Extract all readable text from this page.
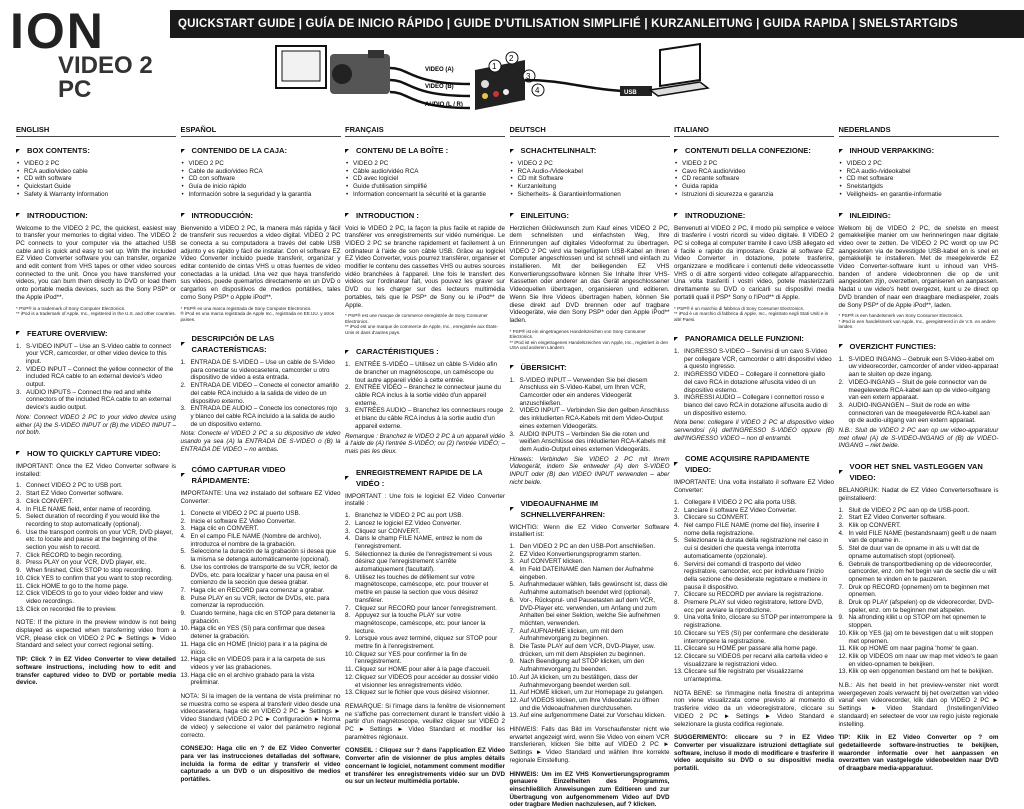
ION
VIDEO 2 PC
QUICKSTART GUIDE | GUÍA DE INICIO RÁPIDO | GUIDE D'UTILISATION SIMPLIFIÉ | KURZANLEITUNG | GUIDA RAPIDA | SNELSTARTGIDS
VIDEO (A)
VIDEO (B)
AUDIO (L / R)
1
2
3
4	USB
ENGLISH
BOX CONTENTS:
• VIDEO 2 PC
• RCA audio/video cable
• CD with software
• Quickstart Guide
• Safety & Warranty Information
INTRODUCTION:
Welcome to the VIDEO 2 PC, the quickest, easiest way to transfer your memories to digital video. The VIDEO 2 PC connects to your computer via the attached USB cable and is quick and easy to set up. With the included EZ Video Converter software you can transfer, organize and edit content from VHS tapes or other video sources connected to the unit. Once you have transferred your videos, you can burn them directly to DVD or load them onto portable media devices, such as the Sony PSP* or the Apple iPod**.
* PSP® is a trademark of Sony Computer Electronics.
** iPod is a trademark of Apple, Inc., registered in the U.S. and other countries.
FEATURE OVERVIEW:
1. S-VIDEO INPUT – Use an S-Video cable to connect your VCR, camcorder, or other video device to this input.
2. VIDEO INPUT – Connect the yellow connector of the included RCA cable to an external device's video output.
3. AUDIO INPUTS – Connect the red and white connectors of the included RCA cable to an external device's audio output.
Note: Connect VIDEO 2 PC to your video device using either (A) the S-VIDEO INPUT or (B) the VIDEO INPUT – not both.
HOW TO QUICKLY CAPTURE VIDEO:
IMPORTANT: Once the EZ Video Converter software is installed:
1. Connect VIDEO 2 PC to USB port.
2. Start EZ Video Converter software.
3. Click CONVERT.
4. In FILE NAME field, enter name of recording.
5. Select duration of recording if you would like the recording to stop automatically (optional).
6. Use the transport controls on your VCR, DVD player, etc. to locate and pause at the beginning of the section you wish to record.
7. Click RECORD to begin recording.
8. Press PLAY on your VCR, DVD player, etc.
9. When finished, Click STOP to stop recording.
10. Click YES to confirm that you want to stop recording.
11. Click HOME to go to the home page.
12. Click VIDEOS to go to your video folder and view video recordings.
13. Click on recorded file to preview.
NOTE: If the picture in the preview window is not being displayed as expected when transferring video from a VCR, please click on VIDEO 2 PC ► Settings ► Video Standard and select your correct regional setting.
TIP: Click ? in EZ Video Converter to view detailed software instructions, including how to edit and transfer captured video to DVD or portable media device.
ESPAÑOL
CONTENIDO DE LA CAJA:
• VIDEO 2 PC
• Cable de audio/video RCA
• CD con software
• Guía de inicio rápido
• Información sobre la seguridad y la garantía
INTRODUCCIÓN:
Bienvenido a VIDEO 2 PC, la manera más rápida y fácil de transferir sus recuerdos a video digital. VIDEO 2 PC se conecta a su computadora a través del cable USB adjunto y es rápido y fácil de instalar. Con el software EZ Video Converter incluido puede transferir, organizar y editar contenido de cintas VHS u otras fuentes de video conectadas a la unidad. Una vez que haya transferido sus videos, puede quemarlos directamente en un DVD o cargarlos en dispositivos de medios portátiles, tales como Sony PSP* o Apple iPod**.
* PSP® es una marca registrada de Sony Computer Electronics.
® iPod es una marca registrada de Apple Inc., registrada en EE.UU. y otros países.
DESCRIPCIÓN DE LAS CARACTERÍSTICAS:
1. ENTRADA DE S-VIDEO – Use un cable de S-Video para conectar su videocasetera, camcorder u otro dispositivo de video a esta entrada.
2. ENTRADA DE VIDEO – Conecte el conector amarillo del cable RCA incluido a la salida de video de un dispositivo externo.
3. ENTRADA DE AUDIO – Conecte los conectores rojo y blanco del cable RCA incluido a la salida de audio de un dispositivo externo.
Nota: Conecte el VIDEO 2 PC a su dispositivo de video usando ya sea (A) la ENTRADA DE S-VIDEO o (B) la ENTRADA DE VIDEO – no ambas.
CÓMO CAPTURAR VIDEO RÁPIDAMENTE:
IMPORTANTE: Una vez instalado del software EZ Video Converter:
1. Conecte el VIDEO 2 PC al puerto USB.
2. Inicie el software EZ Video Converter.
3. Haga clic en CONVERT.
4. En el campo FILE NAME (Nombre de archivo), introduzca el nombre de la grabación.
5. Seleccione la duración de la grabación si desea que la misma se detenga automáticamente (opcional).
6. Use los controles de transporte de su VCR, lector de DVDs, etc. para localizar y hacer una pausa en el comienzo de la sección que desea grabar.
7. Haga clic en RECORD para comenzar a grabar.
8. Pulse PLAY en su VCR, lector de DVDs, etc. para comenzar la reproducción.
9. Cuando termine, haga clic en STOP para detener la grabación.
10. Haga clic en YES (Sí) para confirmar que desea detener la grabación.
11. Haga clic en HOME (Inicio) para ir a la página de inicio.
12. Haga clic en VIDEOS para ir a la carpeta de sus videos y ver las grabaciones.
13. Haga clic en el archivo grabado para la vista preliminar.
NOTA: Si la imagen de la ventana de vista preliminar no se muestra como se espera al transferir video desde una videocasetera, haga clic en VIDEO 2 PC ► Settings ► Video Standard (VIDEO 2 PC ► Configuración ► Norma de video) y seleccione el valor del parámetro regional correcto.
CONSEJO: Haga clic en ? de EZ Video Converter para ver las instrucciones detalladas del software, incluida la forma de editar y transferir el video capturado a un DVD o un dispositivo de medios portátiles.
FRANÇAIS
CONTENU DE LA BOÎTE :
• VIDEO 2 PC
• Câble audio/vidéo RCA
• CD avec logiciel
• Guide d'utilisation simplifié
• Information concernant la sécurité et la garantie
INTRODUCTION :
Voici le VIDEO 2 PC, la façon la plus facile et rapide de transférer vos enregistrements sur vidéo numérique. Le VIDEO 2 PC se branche rapidement et facilement à un ordinateur à l'aide de son câble USB. Grâce au logiciel EZ Video Converter, vous pourrez transférer, organiser et modifier le contenu des cassettes VHS ou autres sources vidéo branchées à l'appareil. Une fois le transfert des vidéos sur l'ordinateur fait, vous pouvez les graver sur DVD ou les charger sur des lecteurs multimédia portables, tels que le PSP* de Sony ou le iPod** de Apple.
* PSP® est une marque de commerce enregistrée de Sony Consumer Electronics.
** iPod est une marque de commerce de Apple, Inc., enregistrée aux États-Unis et dans d'autres pays.
CARACTÉRISTIQUES :
1. ENTRÉE S-VIDÉO – Utilisez un câble S-Vidéo afin de brancher un magnétoscope, un caméscope ou tout autre appareil vidéo à cette entrée.
2. ENTRÉE VIDÉO – Branchez le connecteur jaune du câble RCA inclus à la sortie vidéo d'un appareil externe.
3. ENTRÉES AUDIO – Branchez les connecteurs rouge et blanc du câble RCA inclus à la sortie audio d'un appareil externe.
Remarque : Branchez le VIDEO 2 PC à un appareil vidéo à l'aide de (A) l'entrée S-VIDÉO; ou (2) l'entrée VIDÉO; – mais pas les deux.
ENREGISTREMENT RAPIDE DE LA VIDÉO :
IMPORTANT : Une fois le logiciel EZ Video Converter installé :
1. Branchez le VIDEO 2 PC au port USB.
2. Lancez le logiciel EZ Video Converter.
3. Cliquez sur CONVERT.
4. Dans le champ FILE NAME, entrez le nom de l'enregistrement.
5. Sélectionnez la durée de l'enregistrement si vous désirez que l'enregistrement s'arrête automatiquement (facultatif).
6. Utilisez les touches de défilement sur votre magnétoscope, caméscope, etc. pour trouver et mettre en pause la section que vous désirez transférer.
7. Cliquez sur RECORD pour lancer l'enregistrement.
8. Appuyez sur la touche PLAY sur votre magnétoscope, caméscope, etc. pour lancer la lecture.
9. Lorsque vous avez terminé, cliquez sur STOP pour mettre fin à l'enregistrement.
10. Cliquez sur YES pour confirmer la fin de l'enregistrement.
11. Cliquez sur HOME pour aller à la page d'accueil.
12. Cliquez sur VIDEOS pour accéder au dossier vidéo et visionner les enregistrements vidéo.
13. Cliquez sur le fichier que vous désirez visionner.
REMARQUE: Si l'image dans la fenêtre de visionnement ne s'affiche pas correctement durant le transfert vidéo à partir d'un magnétoscope, veuillez cliquer sur VIDEO 2 PC ► Settings ► Video Standard et modifier les paramètres régionaux.
CONSEIL : Cliquez sur ? dans l'application EZ Video Converter afin de visionner de plus amples détails concernant le logiciel, notamment comment modifier et transférer les enregistrements vidéo sur un DVD ou sur un lecteur multimédia portable.
DEUTSCH
SCHACHTELINHALT:
• VIDEO 2 PC
• RCA Audio-/Videokabel
• CD mit Software
• Kurzanleitung
• Sicherheits- & Garantieinformationen
EINLEITUNG:
Herzlichen Glückwunsch zum Kauf eines VIDEO 2 PC, dem schnellsten und einfachsten Weg, Ihre Erinnerungen auf digitales Videoformat zu übertragen. VIDEO 2 PC wird via beigefügtem USB-Kabel an Ihren Computer angeschlossen und ist schnell und einfach zu installieren. Mit der beiliegenden EZ VHS Konvertierungssoftware können Sie Inhalte Ihrer VHS-Kassetten oder anderer an das Gerät angeschlossener Videoquellen übertragen, organisieren und editieren. Wenn Sie Ihre Videos übertragen haben, können Sie diese direkt auf DVD brennen oder auf tragbare Videogeräte, wie den Sony PSP* oder den Apple iPod** laden.
* PSP® ist ein eingetragenes Handelszeichen von Sony Consumer Electronics.
** iPod ist ein eingetragenes Handelszeichen von Apple, Inc., registriert in den USA und anderen Ländern.
ÜBERSICHT:
1. S-VIDEO INPUT – Verwenden Sie bei diesem Anschluss ein S-Video-Kabel, um Ihren VCR, Camcorder oder ein anderes Videogerät anzuschließen.
2. VIDEO INPUT – Verbinden Sie den gelben Anschluss des inkludierten RCA-Kabels mit dem Video-Output eines externen Videogeräts.
3. AUDIO INPUTS – Verbinden Sie die roten und weißen Anschlüsse des inkludierten RCA-Kabels mit dem Audio-Output eines externen Videogeräts.
Hinweis: Verbinden Sie VIDEO 2 PC mit Ihrem Videogerät, indem Sie entweder (A) den S-VIDEO INPUT oder (B) den VIDEO INPUT verwenden – aber nicht beide.
VIDEOAUFNAHME IM SCHNELLVERFAHREN:
WICHTIG: Wenn die EZ Video Converter Software installiert ist:
1. Den VIDEO 2 PC an den USB-Port anschließen.
2. EZ Video Konvertierungsprogramm starten.
3. Auf CONVERT klicken.
4. Im Feld DATEINAME den Namen der Aufnahme eingeben.
5. Aufnahmedauer wählen, falls gewünscht ist, dass die Aufnahme automatisch beendet wird (optional).
6. Vor-, Rücksprul- und Pausetasten auf dem VCR, DVD-Player etc. verwenden, um Anfang und zum Anhalten bei einer Sektion, welche Sie aufnehmen möchten, verwenden.
7. Auf AUFNAHME klicken, um mit dem Aufnahmevorgang zu beginnen.
8. Die Taste PLAY auf dem VCR, DVD-Player, usw. drücken, um mit dem Abspielen zu beginnen.
9. Nach Beendigung auf STOP klicken, um den Aufnahmevorgang zu beenden.
10. Auf JA klicken, um zu bestätigen, dass der Aufnahmevorgang beendet werden soll.
11. Auf HOME klicken, um zur Homepage zu gelangen.
12. Auf VIDEOS klicken, um Ihre Videodatei zu öffnen und die Videoaufnahmen durchzusehen.
13. Auf eine aufgenommene Datei zur Vorschau klicken.
HINWEIS: Falls das Bild im Vorschaufenster nicht wie erwartet angezeigt wird, wenn Sie Video von einem VCR transferieren, klicken Sie bitte auf VIDEO 2 PC ► Settings ► Video Standard und wählen Ihre korrekte regionale Einstellung.
HINWEIS: Um im EZ VHS Konvertierungsprogramm genauere Einzelheiten des Programms, einschließlich Anweisungen zum Editieren und zur Übertragung von aufgenommenem Video auf DVD oder tragbare Medien nachzulesen, auf ? klicken.
ITALIANO
CONTENUTI DELLA CONFEZIONE:
• VIDEO 2 PC
• Cavo RCA audio/video
• CD recante software
• Guida rapida
• Istruzioni di sicurezza e garanzia
INTRODUZIONE:
Benvenuti al VIDEO 2 PC, il modo più semplice e veloce di trasferire i vostri ricordi su video digitale. Il VIDEO 2 PC si collega al computer tramite il cavo USB allegato ed è facile e rapido da impostare. Grazie al software EZ Video Converter in dotazione, potete trasferire, organizzare e modificare i contenuti delle videocassette VHS o di altre sorgenti video collegate all'apparecchio. Una volta trasferiti i vostri video, potete masterizzarli direttamente su DVD o caricarli su dispositivi media portatili quali il PSP* Sony o l'iPod** di Apple.
* PSP® è un marchio di fabbrica di Sony Consumer Electronics.
** iPod è un marchio di fabbrica di Apple, Inc., registrato negli Stati Uniti e in altri Paesi.
PANORAMICA DELLE FUNZIONI:
1. INGRESSO S-VIDEO – Servirsi di un cavo S-Video per collegare VCR, camcorder o altri dispositivi video a questo ingresso.
2. INGRESSO VIDEO – Collegare il connettore giallo del cavo RCA in dotazione all'uscita video di un dispositivo esterno.
3. INGRESSI AUDIO – Collegare i connettori rosso e bianco del cavo RCA in dotazione all'uscita audio di un dispositivo esterno.
Nota bene: collegare il VIDEO 2 PC al dispositivo video servendosi (A) dell'INGRESSO S-VIDEO oppure (B) dell'INGRESSO VIDEO – non di entrambi.
COME ACQUISIRE RAPIDAMENTE VIDEO:
IMPORTANTE: Una volta installato il software EZ Video Converter:
1. Collegare il VIDEO 2 PC alla porta USB.
2. Lanciare il software EZ Video Converter.
3. Cliccare su CONVERT.
4. Nel campo FILE NAME (nome del file), inserire il nome della registrazione.
5. Selezionare la durata della registrazione nel caso in cui si desideri che questa venga interrotta automaticamente (opzionale).
6. Servirsi dei comandi di trasporto del video registratore, camcorder, ecc per individuare l'inizio della sezione che desiderate registrare e mettere in pausa il dispositivo.
7. Cliccare su RECORD per avviare la registrazione.
8. Premere PLAY sul video registratore, lettore DVD, ecc per avviare la riproduzione.
9. Una volta finito, cliccare su STOP per interrompere la registrazione.
10. Cliccare su YES (Sì) per confermare che desiderate interrompere la registrazione.
11. Cliccare su HOME per passare alla home page.
12. Cliccare su VIDEOS per recarvi alla cartella video e visualizzare le registrazioni video.
13. Cliccare sul file registrato per visualizzarne un'anteprima.
NOTA BENE: se l'immagine nella finestra di anteprima non viene visualizzata come previsto al momento di trasferire video da un videoregistratore, cliccare su VIDEO 2 PC ► Settings ► Video Standard e selezionare la giusta codifica regionale.
SUGGERIMENTO: cliccare su ? in EZ Video Converter per visualizzare istruzioni dettagliate sul software, incluso il modo di modificare e trasferire il video acquisito su DVD o su dispositivi media portatili.
NEDERLANDS
INHOUD VERPAKKING:
• VIDEO 2 PC
• RCA audio-/videokabel
• CD met software
• Snelstartgids
• Veiligheids- en garantie-informatie
INLEIDING:
Welkom bij de VIDEO 2 PC, de snelste en meest gemakkelijke manier om uw herinneringen naar digitale video over te zetten. De VIDEO 2 PC wordt op uw PC aangesloten via de bevestigde USB-kabel en is snel en gemakkelijk te installeren. Met de meegeleverde EZ Video Converter-software kunt u inhoud van VHS-banden of andere videobronnen die op de unit aangesloten zijn, overzetten, organiseren en aanpassen. Nadat u uw video's hebt overgezet, kunt u ze direct op DVD branden of naar een draagbare mediaspeler, zoals de Sony PSP* of de Apple iPod**, laden.
* PSP® is een handelsmerk van Sony Consumer Electronics.
* iPod is een handelsmerk van Apple, Inc., geregistreerd in de V.S. en andere landen.
OVERZICHT FUNCTIES:
1. S-VIDEO INGANG – Gebruik een S-Video-kabel om uw videorecorder, camcorder of ander video-apparaat aan te sluiten op deze ingang.
2. VIDEO-INGANG – Sluit de gele connector van de meegeleverde RCA-kabel aan op de video-uitgang van een extern apparaat.
3. AUDIO-INGANGEN – Sluit de rode en witte connectoren van de meegeleverde RCA-kabel aan op de audio-uitgang van een extern apparaat.
N.B.: Sluit de VIDEO 2 PC aan op uw video-apparatuur met ofwel (A) de S-VIDEO-INGANG of (B) de VIDEO-INGANG – niet beide.
VOOR HET SNEL VASTLEGGEN VAN VIDEO:
BELANGRIJK: Nadat de EZ Video Convertersoftware is geïnstalleerd:
1. Sluit de VIDEO 2 PC aan op de USB-poort.
2. Start EZ Video Converter software.
3. Klik op CONVERT.
4. In veld FILE NAME (bestandsnaam) geeft u de naam van de opname in.
5. Stel de duur van de opname in als u wilt dat de opname automatisch stopt (optioneel).
6. Gebruik de transportbediening op de videorecorder, camcorder, enz. om het begin van de sectie die u wilt opnemen te vinden en te pauzeren.
7. Druk op RECORD (opnemen) om te beginnen met opnemen.
8. Druk op PLAY (afspelen) op de videorecorder, DVD-speler, enz. om te beginnen met afspelen.
9. Na afronding klikt u op STOP om het opnemen te stoppen.
10. Klik op YES (ja) om te bevestigen dat u wilt stoppen met opnemen.
11. Klik op HOME om naar pagina 'home' te gaan.
12. Klik op VIDEOS om naar uw map met video's te gaan en video-opnamen te bekijken.
13. Klik op een opgenomen bestand om het te bekijken.
N.B.: Als het beeld in het preview-venster niet wordt weergegeven zoals verwacht bij het overzetten van video vanaf een videorecorder, klik dan op VIDEO 2 PC ► Settings ► Video Standard (Instellingen/Video standaard) en selecteer de voor uw regio juiste regionale instelling.
TIP: Klik in EZ Video Converter op ? om gedetailleerde software-instructies te bekijken, waaronder informatie over het aanpassen en overzetten van vastgelegde videobeelden naar DVD of draagbare media-apparatuur.
